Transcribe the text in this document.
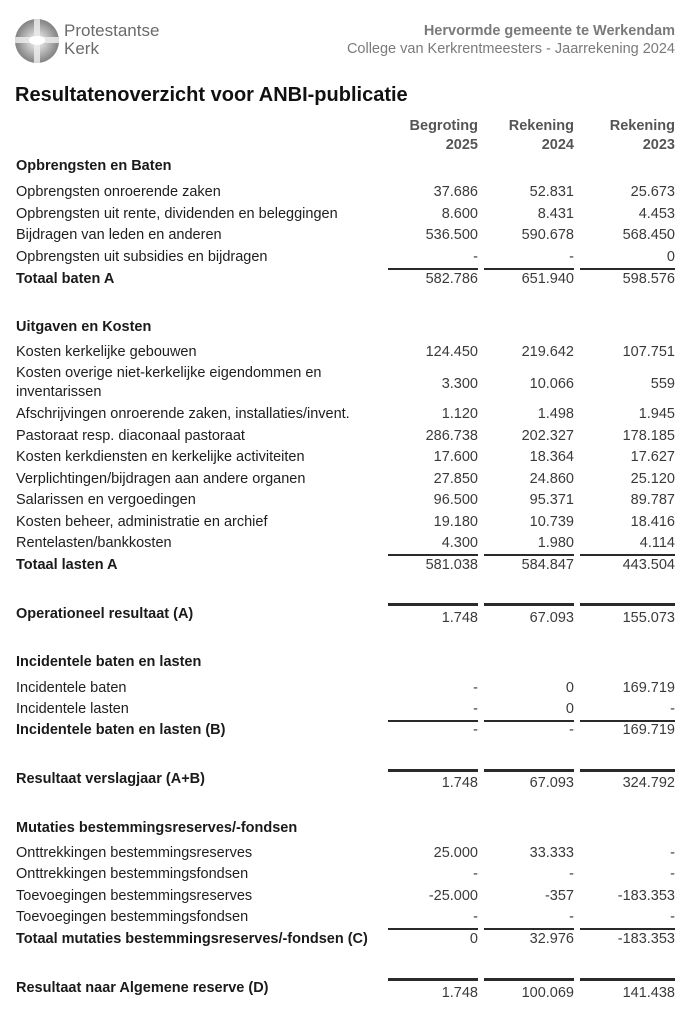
Protestantse
Kerk
Hervormde gemeente te Werkendam
College van Kerkrentmeesters - Jaarrekening 2024
Resultatenoverzicht voor ANBI-publicatie
Begroting
2025
Rekening
2024
Rekening
2023
Opbrengsten en Baten
Opbrengsten onroerende zaken	37.686	52.831	25.673
Opbrengsten uit rente, dividenden en beleggingen	8.600	8.431	4.453
Bijdragen van leden en anderen	536.500	590.678	568.450
Opbrengsten uit subsidies en bijdragen	-	-	0
Totaal baten A	582.786	651.940	598.576
Uitgaven en Kosten
Kosten kerkelijke gebouwen	124.450	219.642	107.751
Kosten overige niet-kerkelijke eigendommen en inventarissen	3.300	10.066	559
Afschrijvingen onroerende zaken, installaties/invent.	1.120	1.498	1.945
Pastoraat resp. diaconaal pastoraat	286.738	202.327	178.185
Kosten kerkdiensten en kerkelijke activiteiten	17.600	18.364	17.627
Verplichtingen/bijdragen aan andere organen	27.850	24.860	25.120
Salarissen en vergoedingen	96.500	95.371	89.787
Kosten beheer, administratie en archief	19.180	10.739	18.416
Rentelasten/bankkosten	4.300	1.980	4.114
Totaal lasten A	581.038	584.847	443.504
Operationeel resultaat (A)	1.748	67.093	155.073
Incidentele baten en lasten
Incidentele baten	-	0	169.719
Incidentele lasten	-	0	-
Incidentele baten en lasten (B)	-	-	169.719
Resultaat verslagjaar (A+B)	1.748	67.093	324.792
Mutaties bestemmingsreserves/-fondsen
Onttrekkingen bestemmingsreserves	25.000	33.333	-
Onttrekkingen bestemmingsfondsen	-	-	-
Toevoegingen bestemmingsreserves	-25.000	-357	-183.353
Toevoegingen bestemmingsfondsen	-	-	-
Totaal mutaties bestemmingsreserves/-fondsen (C)	0	32.976	-183.353
Resultaat naar Algemene reserve (D)	1.748	100.069	141.438
